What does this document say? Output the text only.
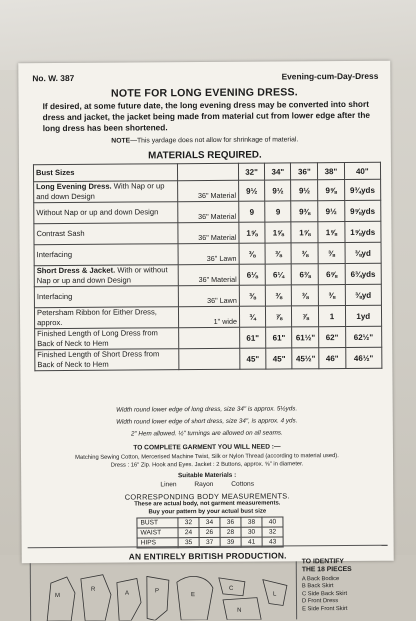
No. W. 387	Evening-cum-Day-Dress
NOTE FOR LONG EVENING DRESS.
If desired, at some future date, the long evening dress may be converted into short dress and jacket, the jacket being made from material cut from lower edge after the long dress has been shortened.
NOTE—This yardage does not allow for shrinkage of material.
MATERIALS REQUIRED.
Bust Sizes		32"	34"	36"	38"	40"
Long Evening Dress. With Nap or up and down Design	36" Material	9½	9½	9½	9⅝	9¾yds
Without Nap or up and down Design	36" Material	9	9	9⅜	9½	9⅝yds
Contrast Sash	36" Material	1⅝	1⅝	1⅝	1⅝	1⅝yds
Interfacing	36" Lawn	⅜	⅜	⅜	⅜	⅜yd
Short Dress & Jacket. With or without Nap or up and down Design	36" Material	6⅛	6¼	6⅜	6⅝	6¾yds
Interfacing	36" Lawn	⅜	⅜	⅜	⅜	⅜yd
Petersham Ribbon for Either Dress, approx.	1" wide	¾	⅞	⅞	1	1yd
Finished Length of Long Dress from Back of Neck to Hem		61"	61"	61½"	62"	62½"
Finished Length of Short Dress from Back of Neck to Hem		45"	45"	45½"	46"	46½"
Width round lower edge of long dress, size 34" is approx. 5½yds.
Width round lower edge of short dress, size 34", is approx. 4 yds.
2" Hem allowed. ½" turnings are allowed on all seams.
TO COMPLETE GARMENT YOU WILL NEED :—
Matching Sewing Cotton, Mercerised Machine Twist, Silk or Nylon Thread (according to material used).
Dress : 16" Zip. Hook and Eyes. Jacket : 2 Buttons, approx. ⅝" in diameter.
Suitable Materials :
Linen	Rayon	Cottons
CORRESPONDING BODY MEASUREMENTS.
These are actual body, not garment measurements.
Buy your pattern by your actual bust size
BUST	32	34	36	38	40
WAIST	24	26	28	30	32
HIPS	35	37	39	41	43
AN ENTIRELY BRITISH PRODUCTION.
M
R
A	P
E
C
N
L
TO IDENTIFY
THE 18 PIECES
A Back Bodice
B Back Skirt
C Side Back Skirt
D Front Dress
E Side Front Skirt
